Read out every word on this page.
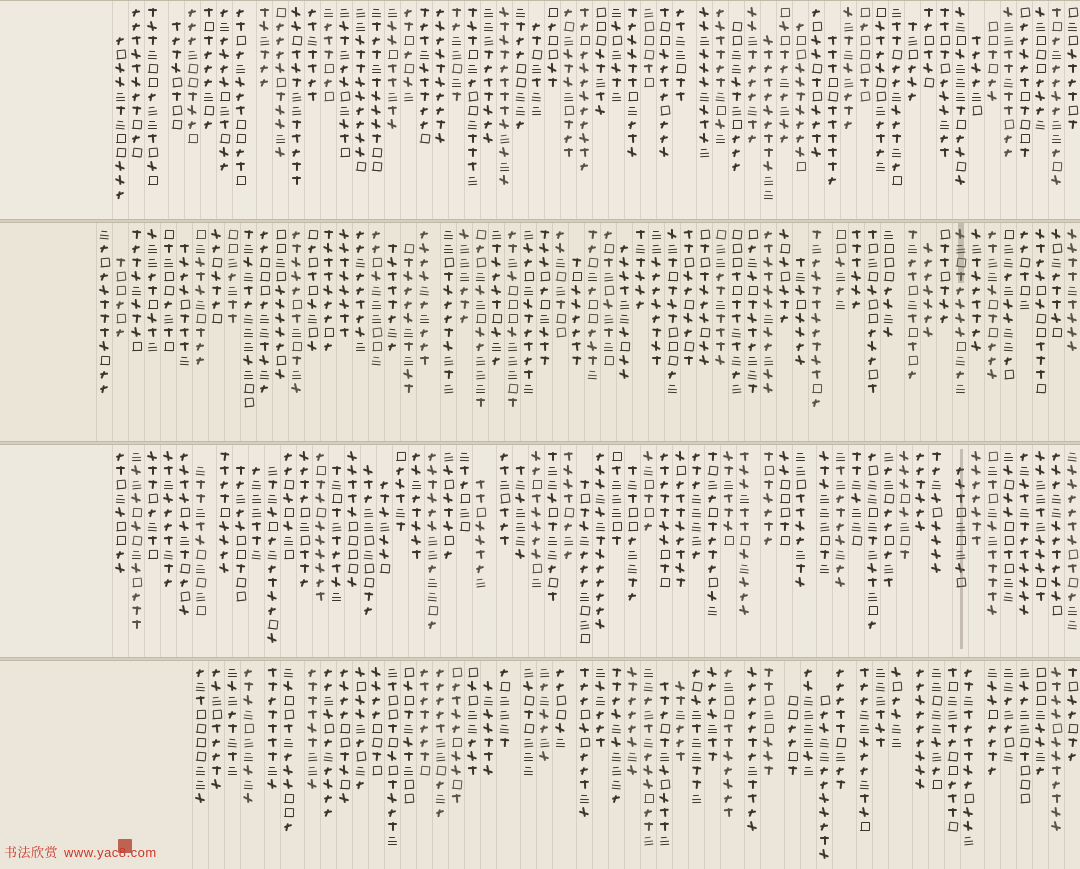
书法欣赏 www.yac8.com
